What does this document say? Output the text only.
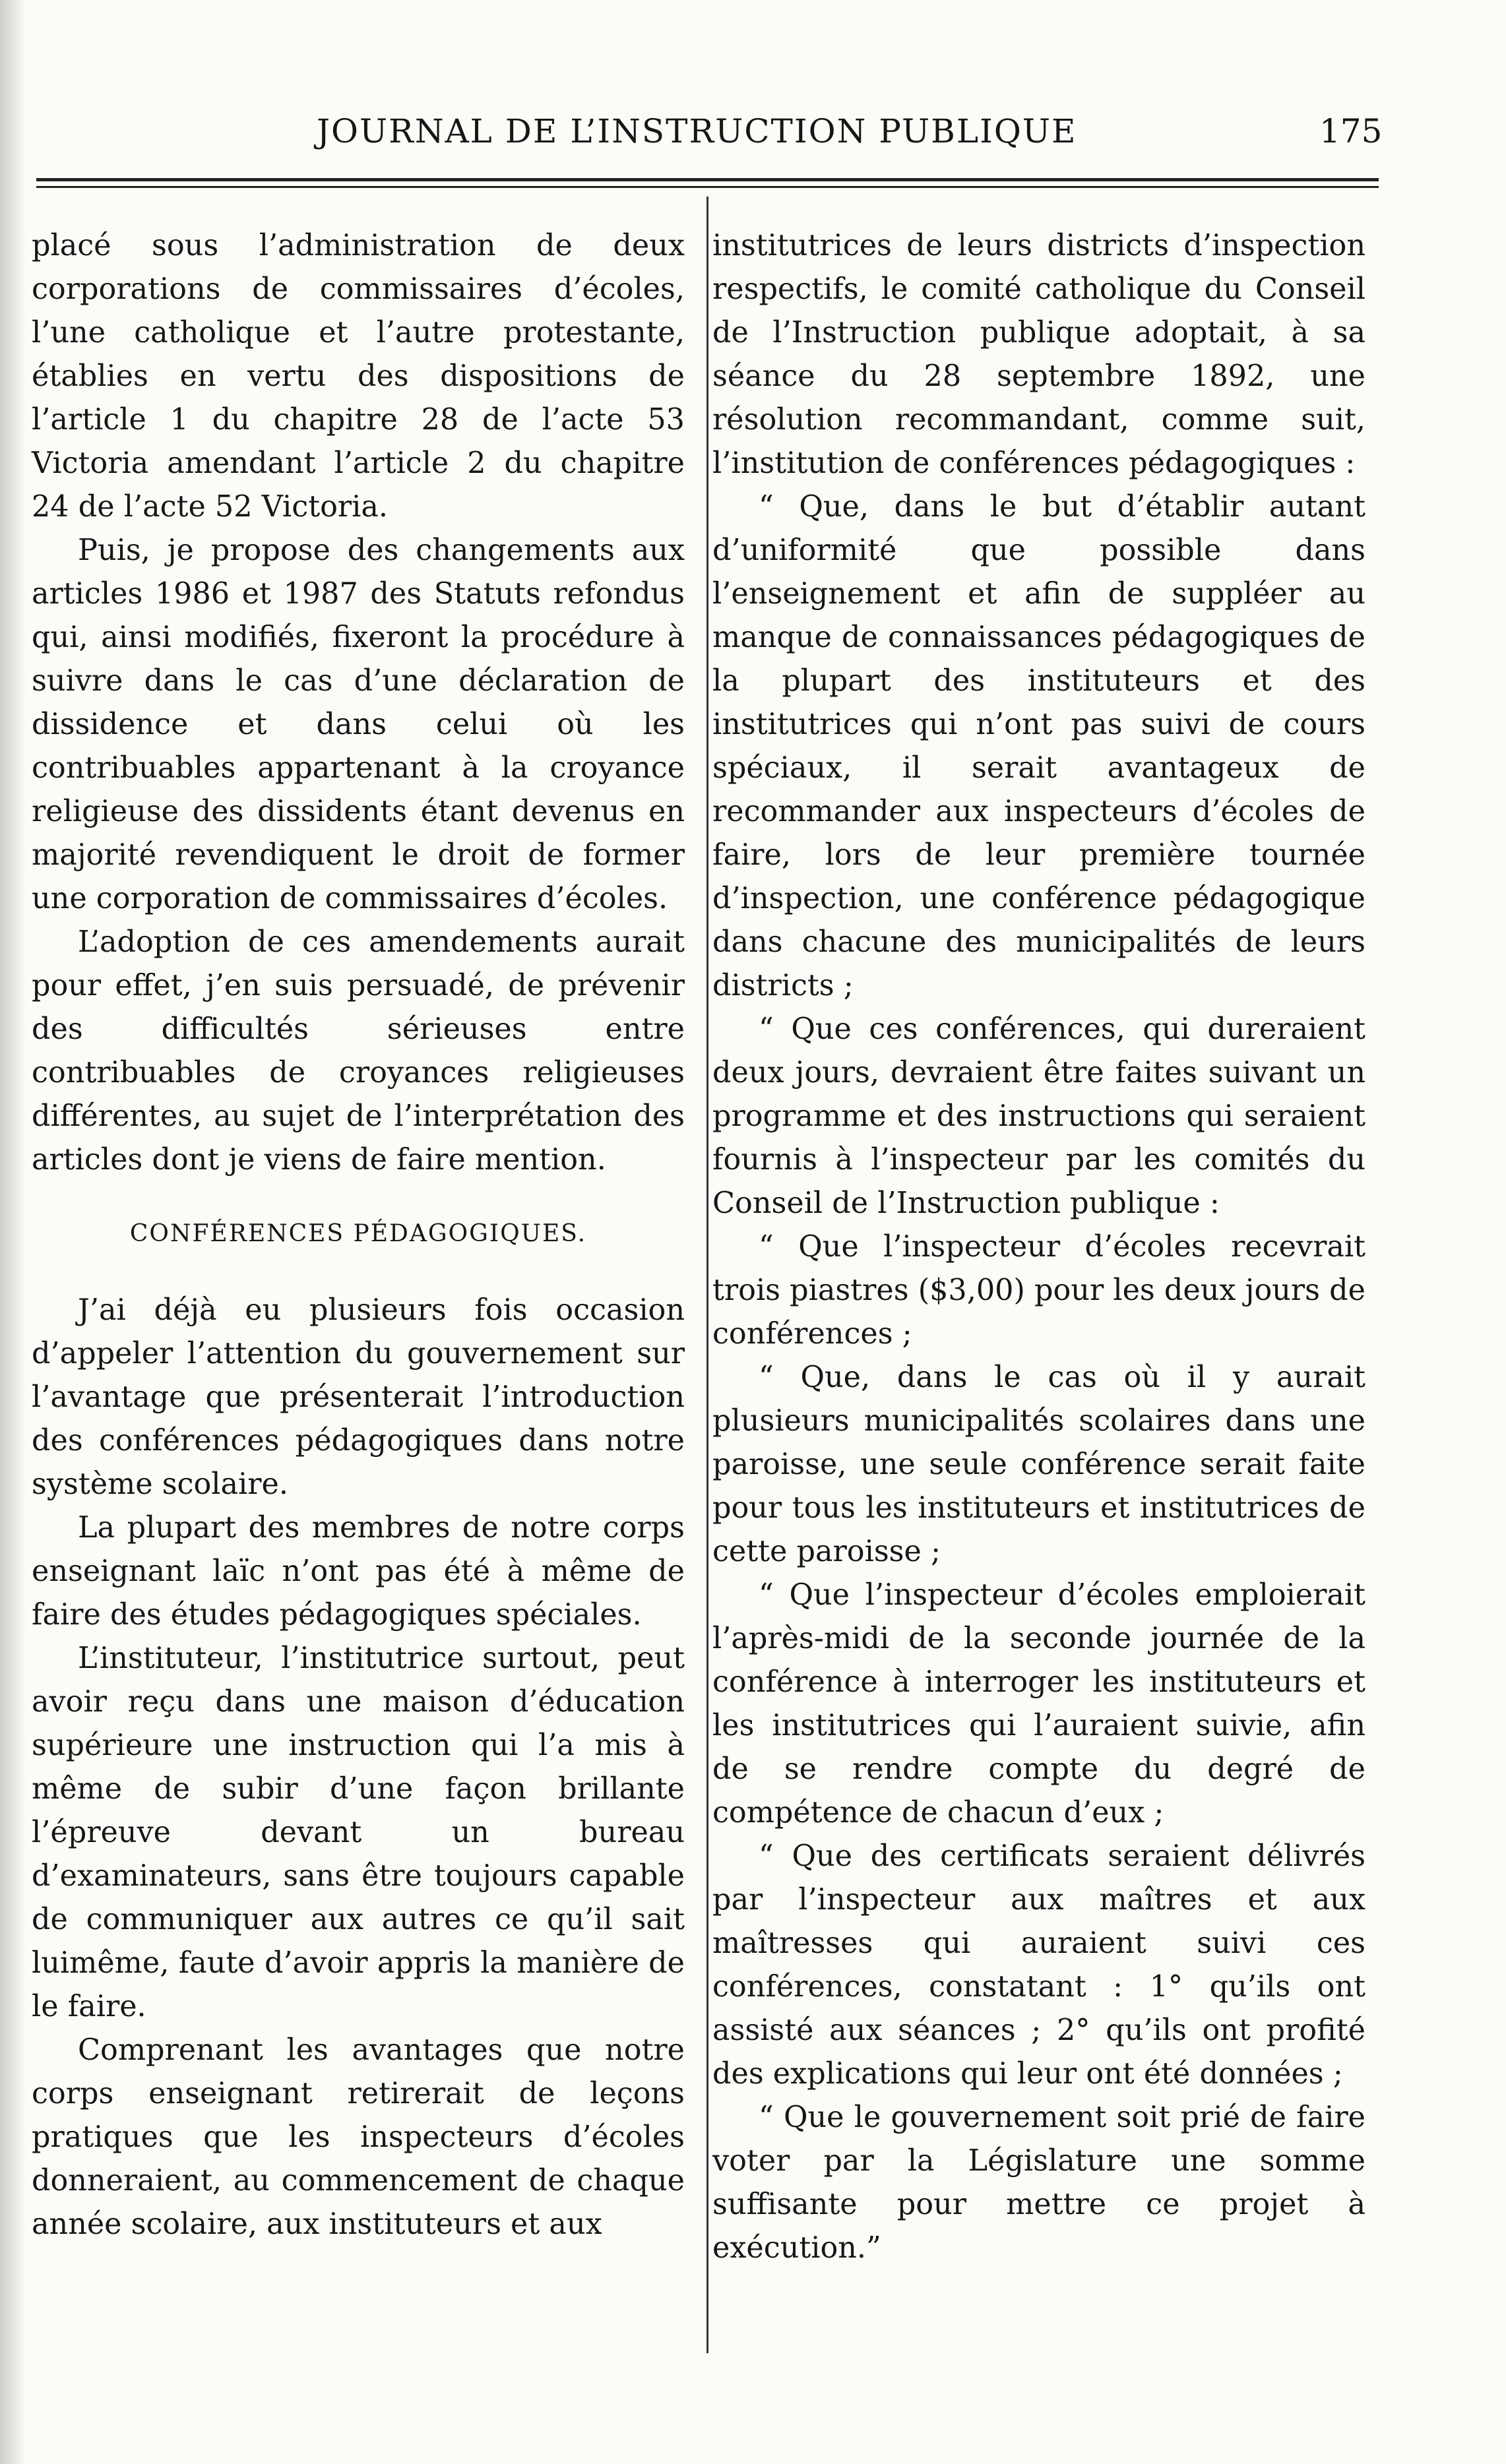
JOURNAL DE L’INSTRUCTION PUBLIQUE	175

placé sous l’administration de deux corporations de commissaires d’écoles, l’une catholique et l’autre protestante, établies en vertu des dispositions de l’article 1 du chapitre 28 de l’acte 53 Victoria amendant l’article 2 du chapitre 24 de l’acte 52 Victoria.

Puis, je propose des changements aux articles 1986 et 1987 des Statuts refondus qui, ainsi modifiés, fixeront la procédure à suivre dans le cas d’une déclaration de dissidence et dans celui où les contribuables appartenant à la croyance religieuse des dissidents étant devenus en majorité revendiquent le droit de former une corporation de commissaires d’écoles.

L’adoption de ces amendements aurait pour effet, j’en suis persuadé, de prévenir des difficultés sérieuses entre contribuables de croyances religieuses différentes, au sujet de l’interprétation des articles dont je viens de faire mention.

CONFÉRENCES PÉDAGOGIQUES.

J’ai déjà eu plusieurs fois occasion d’appeler l’attention du gouvernement sur l’avantage que présenterait l’introduction des conférences pédagogiques dans notre système scolaire.

La plupart des membres de notre corps enseignant laïc n’ont pas été à même de faire des études pédagogiques spéciales.

L’instituteur, l’institutrice surtout, peut avoir reçu dans une maison d’éducation supérieure une instruction qui l’a mis à même de subir d’une façon brillante l’épreuve devant un bureau d’examinateurs, sans être toujours capable de communiquer aux autres ce qu’il sait luimême, faute d’avoir appris la manière de le faire.

Comprenant les avantages que notre corps enseignant retirerait de leçons pratiques que les inspecteurs d’écoles donneraient, au commencement de chaque année scolaire, aux instituteurs et aux

institutrices de leurs districts d’inspection respectifs, le comité catholique du Conseil de l’Instruction publique adoptait, à sa séance du 28 septembre 1892, une résolution recommandant, comme suit, l’institution de conférences pédagogiques :

“ Que, dans le but d’établir autant d’uniformité que possible dans l’enseignement et afin de suppléer au manque de connaissances pédagogiques de la plupart des instituteurs et des institutrices qui n’ont pas suivi de cours spéciaux, il serait avantageux de recommander aux inspecteurs d’écoles de faire, lors de leur première tournée d’inspection, une conférence pédagogique dans chacune des municipalités de leurs districts ;

“ Que ces conférences, qui dureraient deux jours, devraient être faites suivant un programme et des instructions qui seraient fournis à l’inspecteur par les comités du Conseil de l’Instruction publique :

“ Que l’inspecteur d’écoles recevrait trois piastres ($3,00) pour les deux jours de conférences ;

“ Que, dans le cas où il y aurait plusieurs municipalités scolaires dans une paroisse, une seule conférence serait faite pour tous les instituteurs et institutrices de cette paroisse ;

“ Que l’inspecteur d’écoles emploierait l’après-midi de la seconde journée de la conférence à interroger les instituteurs et les institutrices qui l’auraient suivie, afin de se rendre compte du degré de compétence de chacun d’eux ;

“ Que des certificats seraient délivrés par l’inspecteur aux maîtres et aux maîtresses qui auraient suivi ces conférences, constatant : 1° qu’ils ont assisté aux séances ; 2° qu’ils ont profité des explications qui leur ont été données ;

“ Que le gouvernement soit prié de faire voter par la Législature une somme suffisante pour mettre ce projet à exécution.”
